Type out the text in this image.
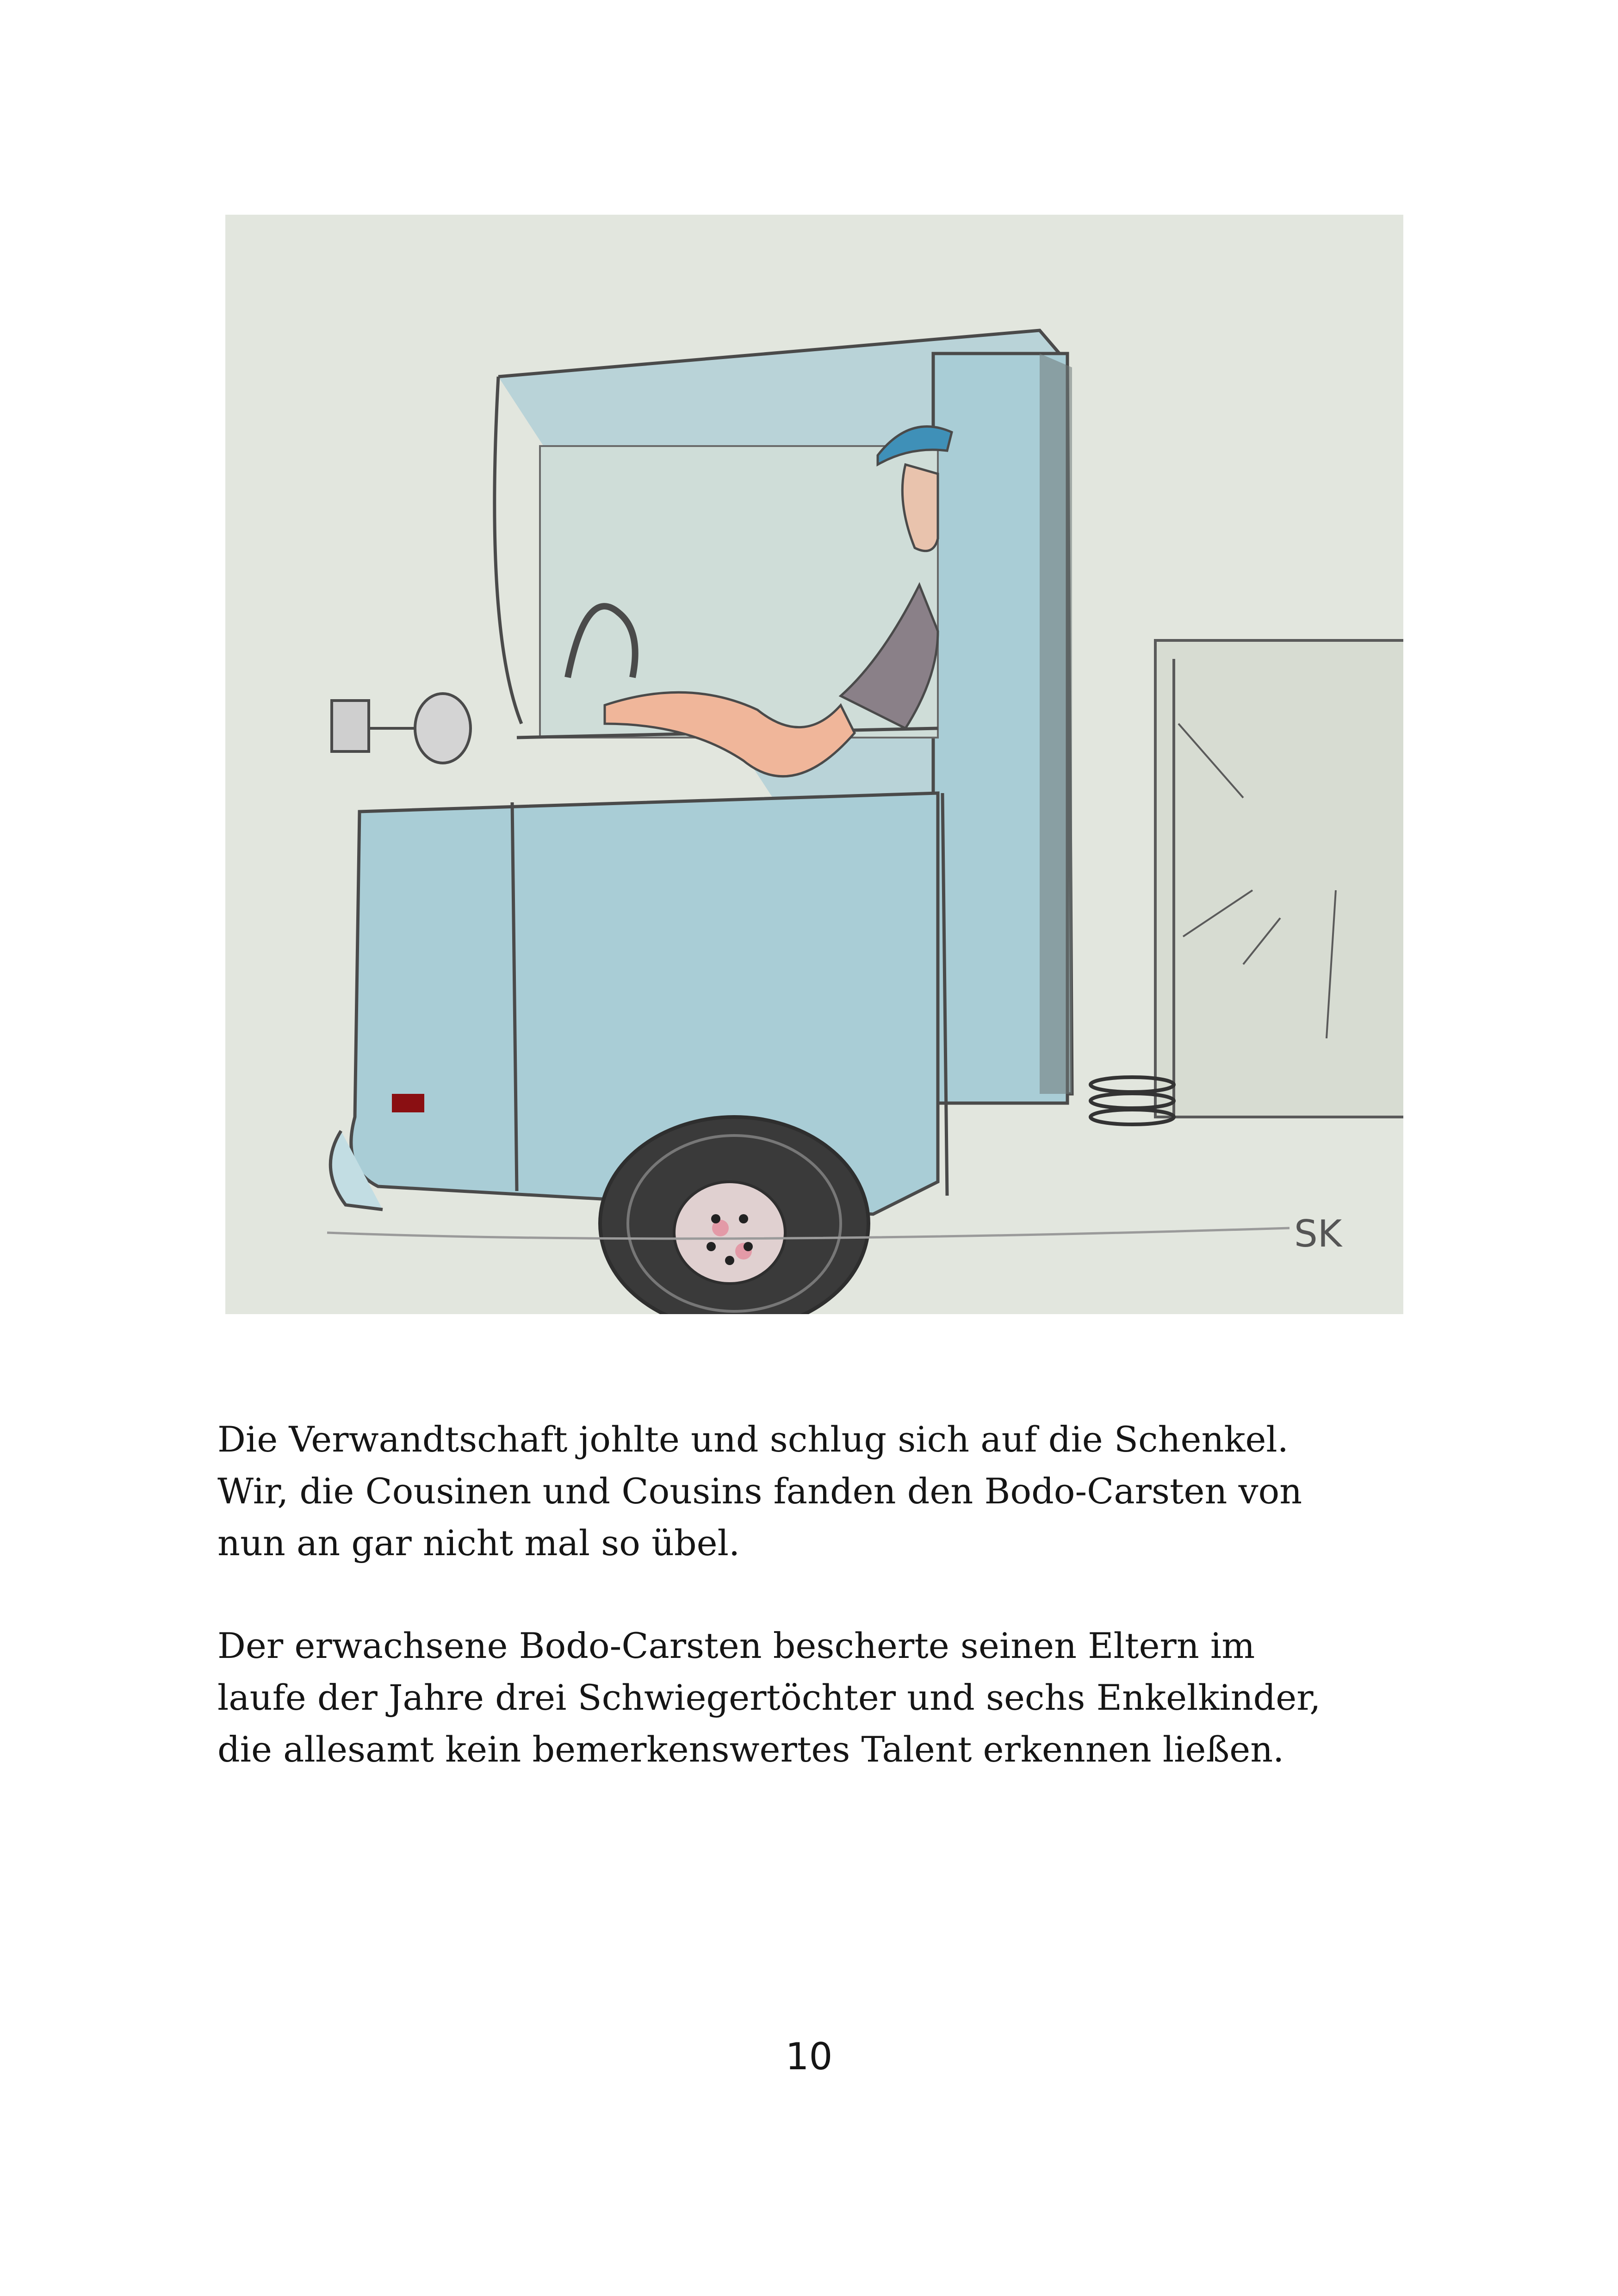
SK

Die Verwandtschaft johlte und schlug sich auf die Schenkel.
Wir, die Cousinen und Cousins fanden den Bodo-Carsten von
nun an gar nicht mal so übel.

Der erwachsene Bodo-Carsten bescherte seinen Eltern im
laufe der Jahre drei Schwiegertöchter und sechs Enkelkinder,
die allesamt kein bemerkenswertes Talent erkennen ließen.

10
